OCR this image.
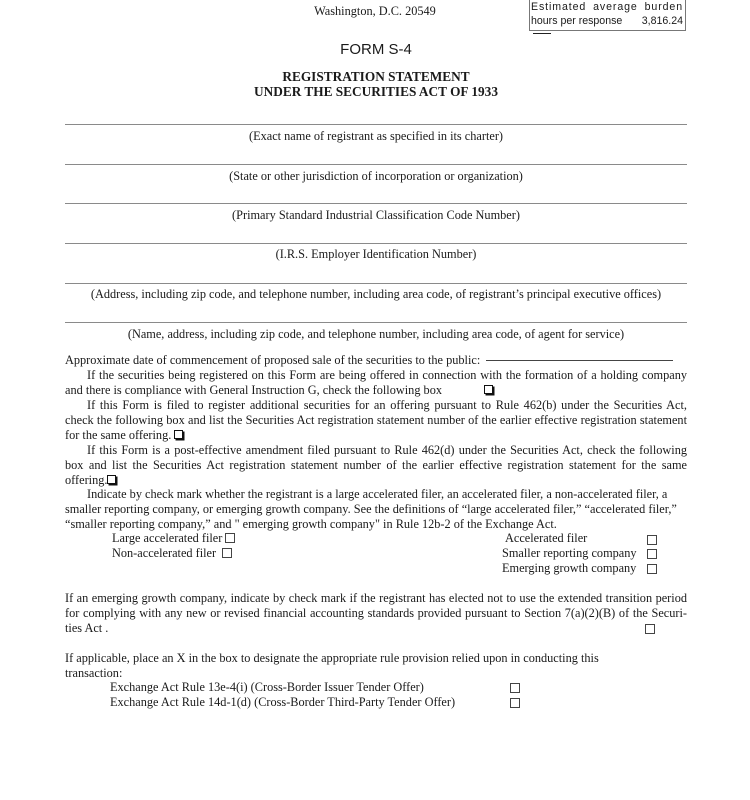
Washington, D.C. 20549	Estimated average burden
hours per response	3,816.24
FORM S-4
REGISTRATION STATEMENT
UNDER THE SECURITIES ACT OF 1933
(Exact name of registrant as specified in its charter)
(State or other jurisdiction of incorporation or organization)
(Primary Standard Industrial Classification Code Number)
(I.R.S. Employer Identification Number)
(Address, including zip code, and telephone number, including area code, of registrant’s principal executive offices)
(Name, address, including zip code, and telephone number, including area code, of agent for service)
Approximate date of commencement of proposed sale of the securities to the public:
If the securities being registered on this Form are being offered in connection with the formation of a holding company and there is compliance with General Instruction G, check the following box
If this Form is filed to register additional securities for an offering pursuant to Rule 462(b) under the Securities Act, check the following box and list the Securities Act registration statement number of the earlier effective registration statement for the same offering.
If this Form is a post-effective amendment filed pursuant to Rule 462(d) under the Securities Act, check the following box and list the Securities Act registration statement number of the earlier effective registration statement for the same offering.
Indicate by check mark whether the registrant is a large accelerated filer, an accelerated filer, a non-accelerated filer, a smaller reporting company, or emerging growth company. See the definitions of “large accelerated filer,” “accelerated filer,” “smaller reporting company,” and " emerging growth company" in Rule 12b-2 of the Exchange Act.
Large accelerated filer
Non-accelerated filer
Accelerated filer
Smaller reporting company
Emerging growth company
If an emerging growth company, indicate by check mark if the registrant has elected not to use the extended transition period for complying with any new or revised financial accounting standards provided pursuant to Section 7(a)(2)(B) of the Securi-ties Act .
If applicable, place an X in the box to designate the appropriate rule provision relied upon in conducting this transaction:
Exchange Act Rule 13e-4(i) (Cross-Border Issuer Tender Offer)
Exchange Act Rule 14d-1(d) (Cross-Border Third-Party Tender Offer)
